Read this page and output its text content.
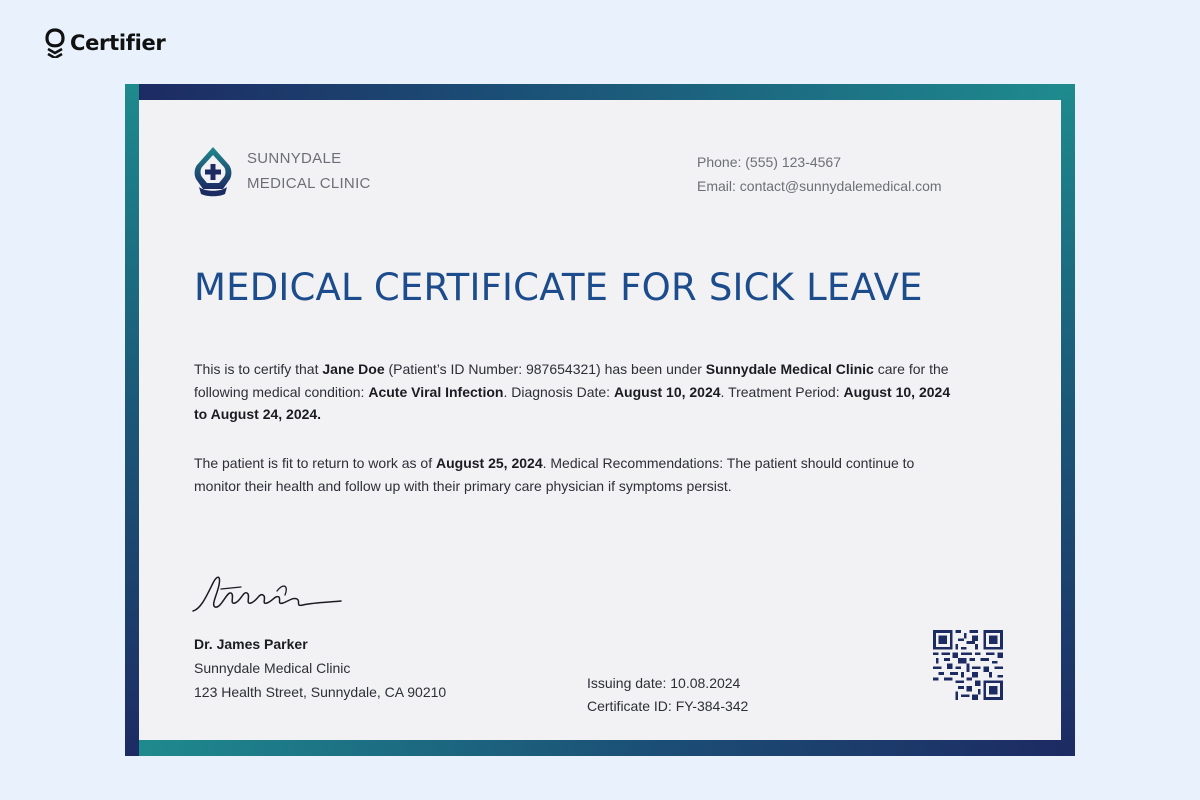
Certifier
SUNNYDALE
MEDICAL CLINIC
Phone: (555) 123-4567
Email: contact@sunnydalemedical.com
MEDICAL CERTIFICATE FOR SICK LEAVE
This is to certify that Jane Doe (Patient’s ID Number: 987654321) has been under Sunnydale Medical Clinic care for the following medical condition: Acute Viral Infection. Diagnosis Date: August 10, 2024. Treatment Period: August 10, 2024 to August 24, 2024.
The patient is fit to return to work as of August 25, 2024. Medical Recommendations: The patient should continue to monitor their health and follow up with their primary care physician if symptoms persist.
Dr. James Parker
Sunnydale Medical Clinic
123 Health Street, Sunnydale, CA 90210
Issuing date: 10.08.2024
Certificate ID: FY-384-342
